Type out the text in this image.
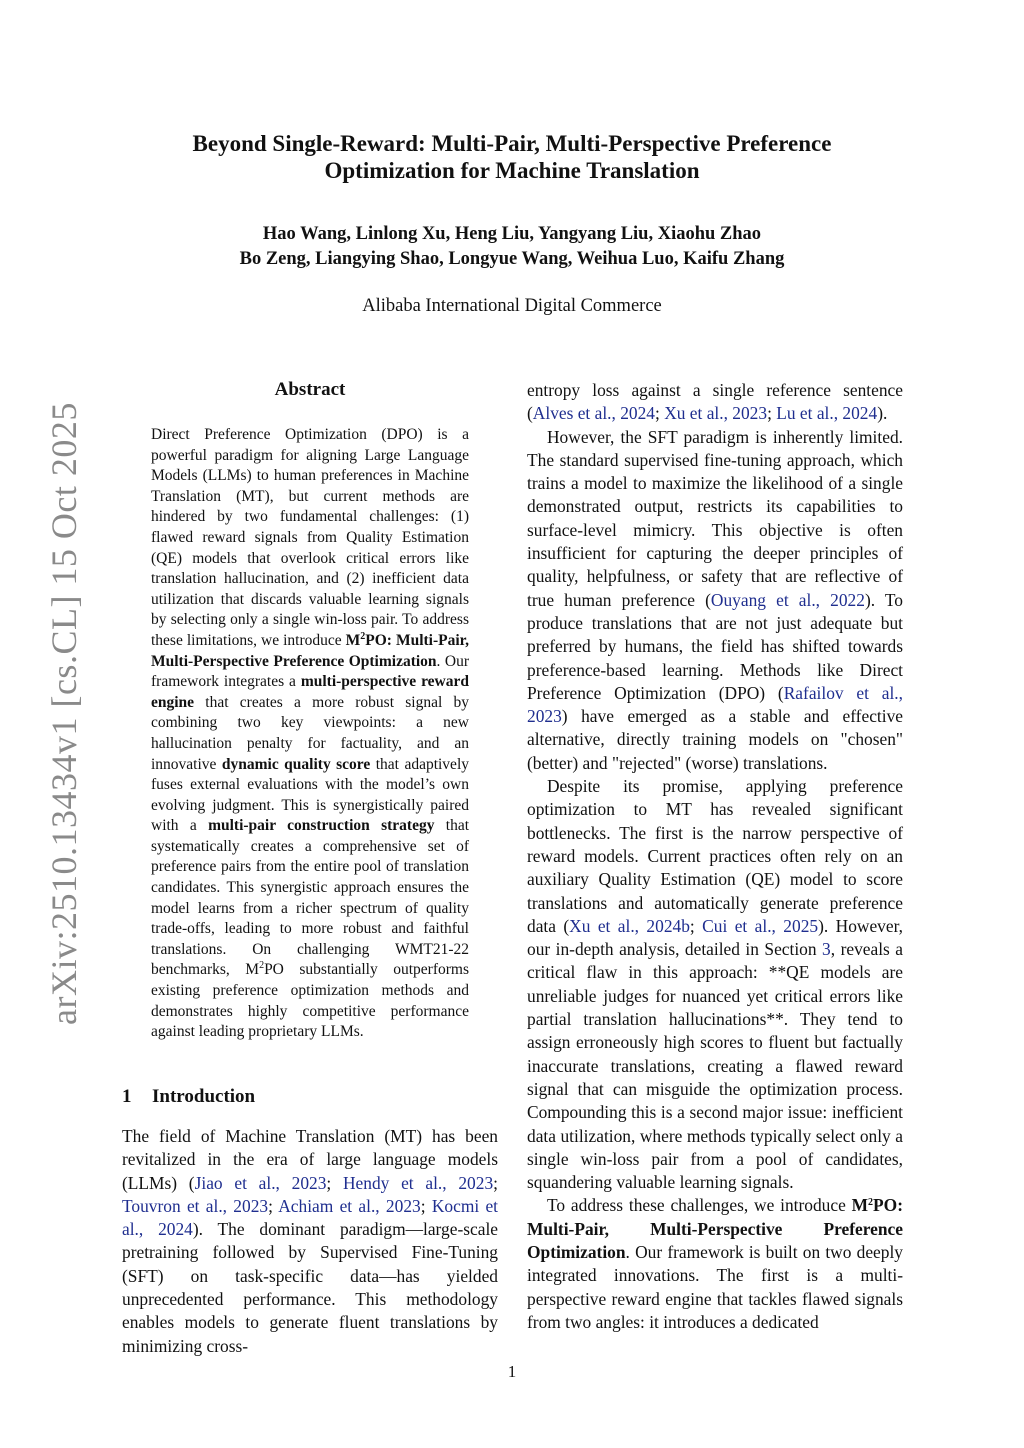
arXiv:2510.13434v1 [cs.CL] 15 Oct 2025
Beyond Single-Reward: Multi-Pair, Multi-Perspective Preference
Optimization for Machine Translation
Hao Wang, Linlong Xu, Heng Liu, Yangyang Liu, Xiaohu Zhao
Bo Zeng, Liangying Shao, Longyue Wang, Weihua Luo, Kaifu Zhang
Alibaba International Digital Commerce
Abstract

Direct Preference Optimization (DPO) is a powerful paradigm for aligning Large Language Models (LLMs) to human preferences in Machine Translation (MT), but current methods are hindered by two fundamental challenges: (1) flawed reward signals from Quality Estimation (QE) models that overlook critical errors like translation hallucination, and (2) inefficient data utilization that discards valuable learning signals by selecting only a single win-loss pair. To address these limitations, we introduce $M^2PO$: Multi-Pair, Multi-Perspective Preference Optimization. Our framework integrates a multi-perspective reward engine that creates a more robust signal by combining two key viewpoints: a new hallucination penalty for factuality, and an innovative dynamic quality score that adaptively fuses external evaluations with the model’s own evolving judgment. This is synergistically paired with a multi-pair construction strategy that systematically creates a comprehensive set of preference pairs from the entire pool of translation candidates. This synergistic approach ensures the model learns from a richer spectrum of quality trade-offs, leading to more robust and faithful translations. On challenging WMT21-22 benchmarks, $M^2PO$ substantially outperforms existing preference optimization methods and demonstrates highly competitive performance against leading proprietary LLMs.

1 Introduction

The field of Machine Translation (MT) has been revitalized in the era of large language models (LLMs) (Jiao et al., 2023; Hendy et al., 2023; Touvron et al., 2023; Achiam et al., 2023; Kocmi et al., 2024). The dominant paradigm—large-scale pretraining followed by Supervised Fine-Tuning (SFT) on task-specific data—has yielded unprecedented performance. This methodology enables models to generate fluent translations by minimizing cross-

entropy loss against a single reference sentence (Alves et al., 2024; Xu et al., 2023; Lu et al., 2024).

However, the SFT paradigm is inherently limited. The standard supervised fine-tuning approach, which trains a model to maximize the likelihood of a single demonstrated output, restricts its capabilities to surface-level mimicry. This objective is often insufficient for capturing the deeper principles of quality, helpfulness, or safety that are reflective of true human preference (Ouyang et al., 2022). To produce translations that are not just adequate but preferred by humans, the field has shifted towards preference-based learning. Methods like Direct Preference Optimization (DPO) (Rafailov et al., 2023) have emerged as a stable and effective alternative, directly training models on "chosen" (better) and "rejected" (worse) translations.

Despite its promise, applying preference optimization to MT has revealed significant bottlenecks. The first is the narrow perspective of reward models. Current practices often rely on an auxiliary Quality Estimation (QE) model to score translations and automatically generate preference data (Xu et al., 2024b; Cui et al., 2025). However, our in-depth analysis, detailed in Section 3, reveals a critical flaw in this approach: **QE models are unreliable judges for nuanced yet critical errors like partial translation hallucinations**. They tend to assign erroneously high scores to fluent but factually inaccurate translations, creating a flawed reward signal that can misguide the optimization process. Compounding this is a second major issue: inefficient data utilization, where methods typically select only a single win-loss pair from a pool of candidates, squandering valuable learning signals.

To address these challenges, we introduce $M^2PO$: Multi-Pair, Multi-Perspective Preference Optimization. Our framework is built on two deeply integrated innovations. The first is a multi-perspective reward engine that tackles flawed signals from two angles: it introduces a dedicated

1
